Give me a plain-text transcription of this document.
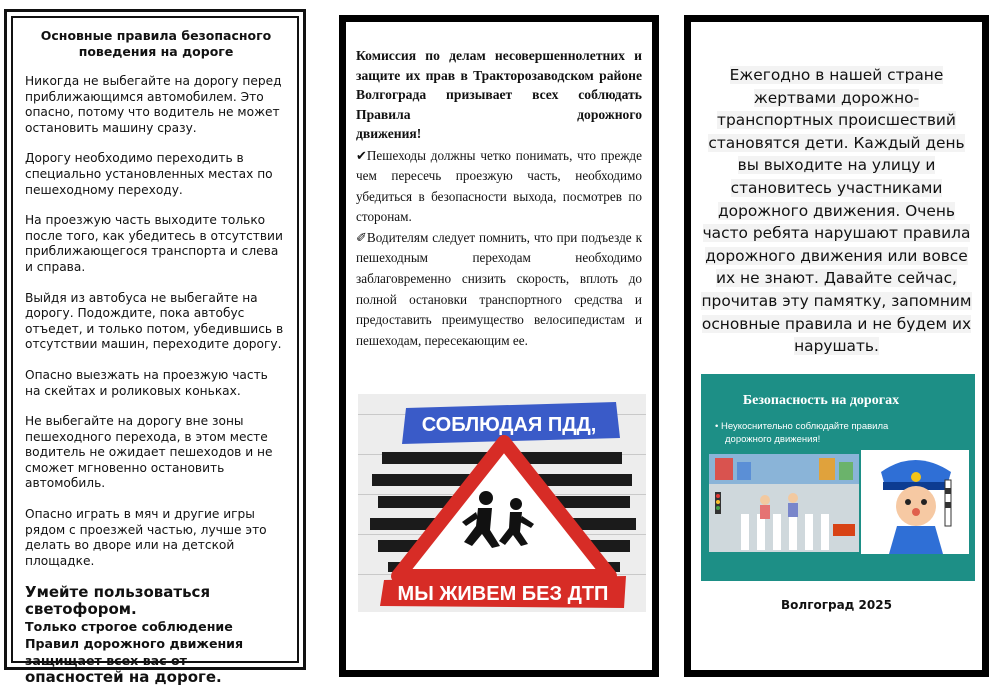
Основные правила безопасного поведения на дороге

Никогда не выбегайте на дорогу перед приближающимся автомобилем. Это опасно, потому что водитель не может остановить машину сразу.

Дорогу необходимо переходить в специально установленных местах по пешеходному переходу.

На проезжую часть выходите только после того, как убедитесь в отсутствии приближающегося транспорта и слева и справа.

Выйдя из автобуса не выбегайте на дорогу. Подождите, пока автобус отъедет, и только потом, убедившись в отсутствии машин, переходите дорогу.

Опасно выезжать на проезжую часть на скейтах и роликовых коньках.

Не выбегайте на дорогу вне зоны пешеходного перехода, в этом месте водитель не ожидает пешеходов и не сможет мгновенно остановить автомобиль.

Опасно играть в мяч и другие игры рядом с проезжей частью, лучше это делать во дворе или на детской площадке.

Умейте пользоваться светофором.
Только строгое соблюдение Правил дорожного движения защищает всех вас от опасностей на дороге.

Комиссия по делам несовершеннолетних и защите их прав в Тракторозаводском районе Волгограда призывает всех соблюдать Правила дорожного

движения!

✔Пешеходы должны четко понимать, что прежде чем пересечь проезжую часть, необходимо убедиться в безопасности выхода, посмотрев по сторонам.

✐Водителям следует помнить, что при подъезде к пешеходным переходам необходимо заблаговременно снизить скорость, вплоть до полной остановки транспортного средства и предоставить преимущество велосипедистам и пешеходам, пересекающим ее.

СОБЛЮДАЯ ПДД,
МЫ ЖИВЕМ БЕЗ ДТП
Ежегодно в нашей стране жертвами дорожно-транспортных происшествий становятся дети. Каждый день вы выходите на улицу и становитесь участниками дорожного движения. Очень часто ребята нарушают правила дорожного движения или вовсе их не знают. Давайте сейчас, прочитав эту памятку, запомним основные правила и не будем их нарушать.
Безопасность на дорогах
• Неукоснительно соблюдайте правила
дорожного движения!
Волгоград 2025
